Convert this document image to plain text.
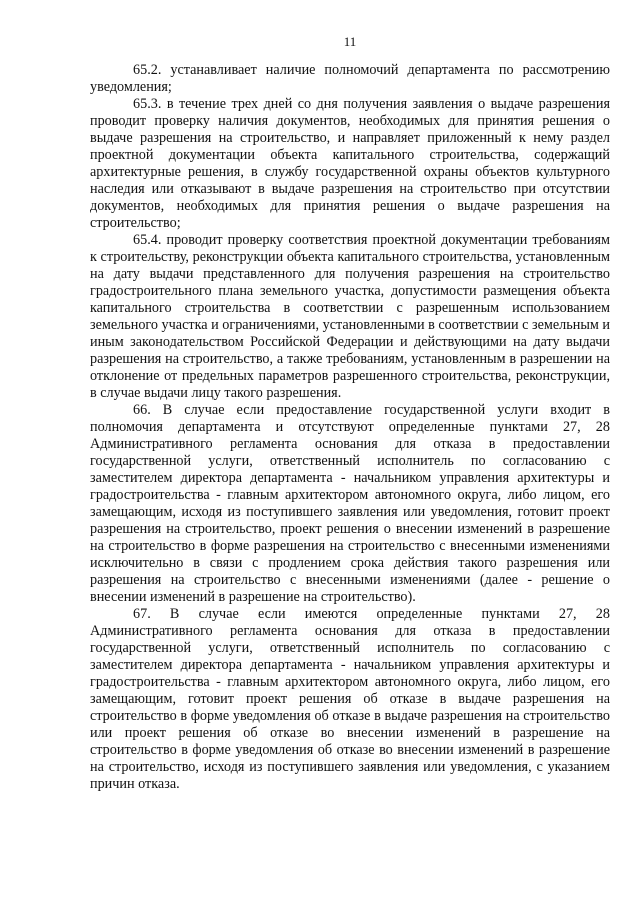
11

65.2. устанавливает наличие полномочий департамента по рассмотрению уведомления;

65.3. в течение трех дней со дня получения заявления о выдаче разрешения проводит проверку наличия документов, необходимых для принятия решения о выдаче разрешения на строительство, и направляет приложенный к нему раздел проектной документации объекта капитального строительства, содержащий архитектурные решения, в службу государственной охраны объектов культурного наследия или отказывают в выдаче разрешения на строительство при отсутствии документов, необходимых для принятия решения о выдаче разрешения на строительство;

65.4. проводит проверку соответствия проектной документации требованиям к строительству, реконструкции объекта капитального строительства, установленным на дату выдачи представленного для получения разрешения на строительство градостроительного плана земельного участка, допустимости размещения объекта капитального строительства в соответствии с разрешенным использованием земельного участка и ограничениями, установленными в соответствии с земельным и иным законодательством Российской Федерации и действующими на дату выдачи разрешения на строительство, а также требованиям, установленным в разрешении на отклонение от предельных параметров разрешенного строительства, реконструкции, в случае выдачи лицу такого разрешения.

66. В случае если предоставление государственной услуги входит в полномочия департамента и отсутствуют определенные пунктами 27, 28 Административного регламента основания для отказа в предоставлении государственной услуги, ответственный исполнитель по согласованию с заместителем директора департамента - начальником управления архитектуры и градостроительства - главным архитектором автономного округа, либо лицом, его замещающим, исходя из поступившего заявления или уведомления, готовит проект разрешения на строительство, проект решения о внесении изменений в разрешение на строительство в форме разрешения на строительство с внесенными изменениями исключительно в связи с продлением срока действия такого разрешения или разрешения на строительство с внесенными изменениями (далее - решение о внесении изменений в разрешение на строительство).

67. В случае если имеются определенные пунктами 27, 28 Административного регламента основания для отказа в предоставлении государственной услуги, ответственный исполнитель по согласованию с заместителем директора департамента - начальником управления архитектуры и градостроительства - главным архитектором автономного округа, либо лицом, его замещающим, готовит проект решения об отказе в выдаче разрешения на строительство в форме уведомления об отказе в выдаче разрешения на строительство или проект решения об отказе во внесении изменений в разрешение на строительство в форме уведомления об отказе во внесении изменений в разрешение на строительство, исходя из поступившего заявления или уведомления, с указанием причин отказа.
